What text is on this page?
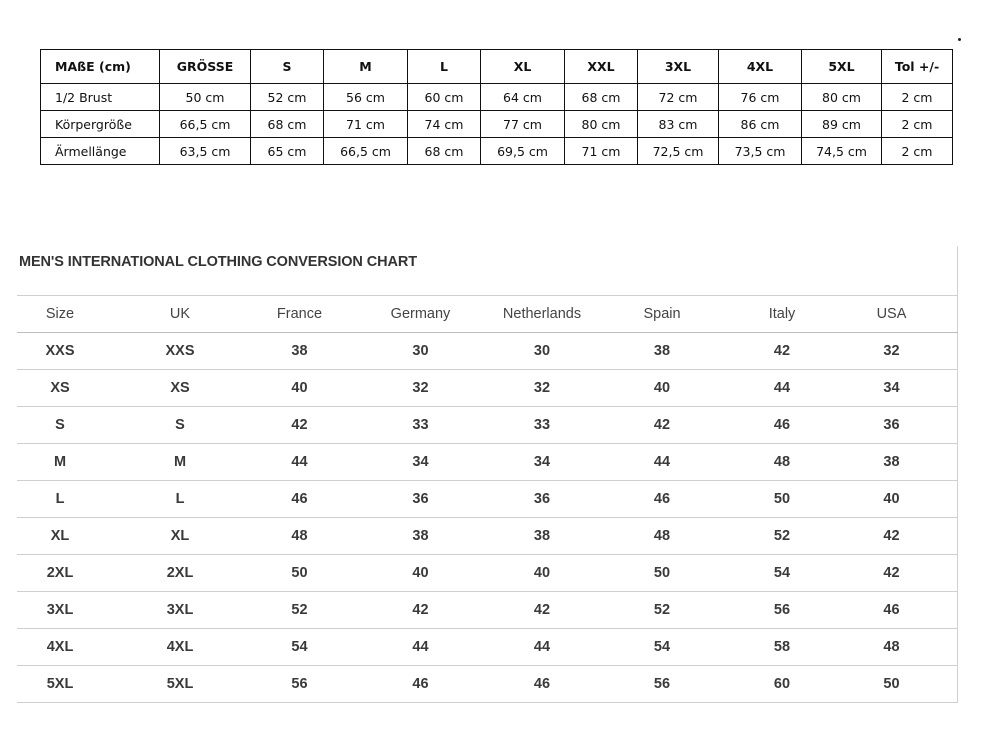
MAßE (cm)	GRÖSSE	S	M	L	XL	XXL	3XL	4XL	5XL	Tol +/-
1/2 Brust	50 cm	52 cm	56 cm	60 cm	64 cm	68 cm	72 cm	76 cm	80 cm	2 cm
Körpergröße	66,5 cm	68 cm	71 cm	74 cm	77 cm	80 cm	83 cm	86 cm	89 cm	2 cm
Ärmellänge	63,5 cm	65 cm	66,5 cm	68 cm	69,5 cm	71 cm	72,5 cm	73,5 cm	74,5 cm	2 cm
MEN'S INTERNATIONAL CLOTHING CONVERSION CHART
Size	UK	France	Germany	Netherlands	Spain	Italy	USA
XXS	XXS	38	30	30	38	42	32
XS	XS	40	32	32	40	44	34
S	S	42	33	33	42	46	36
M	M	44	34	34	44	48	38
L	L	46	36	36	46	50	40
XL	XL	48	38	38	48	52	42
2XL	2XL	50	40	40	50	54	42
3XL	3XL	52	42	42	52	56	46
4XL	4XL	54	44	44	54	58	48
5XL	5XL	56	46	46	56	60	50
